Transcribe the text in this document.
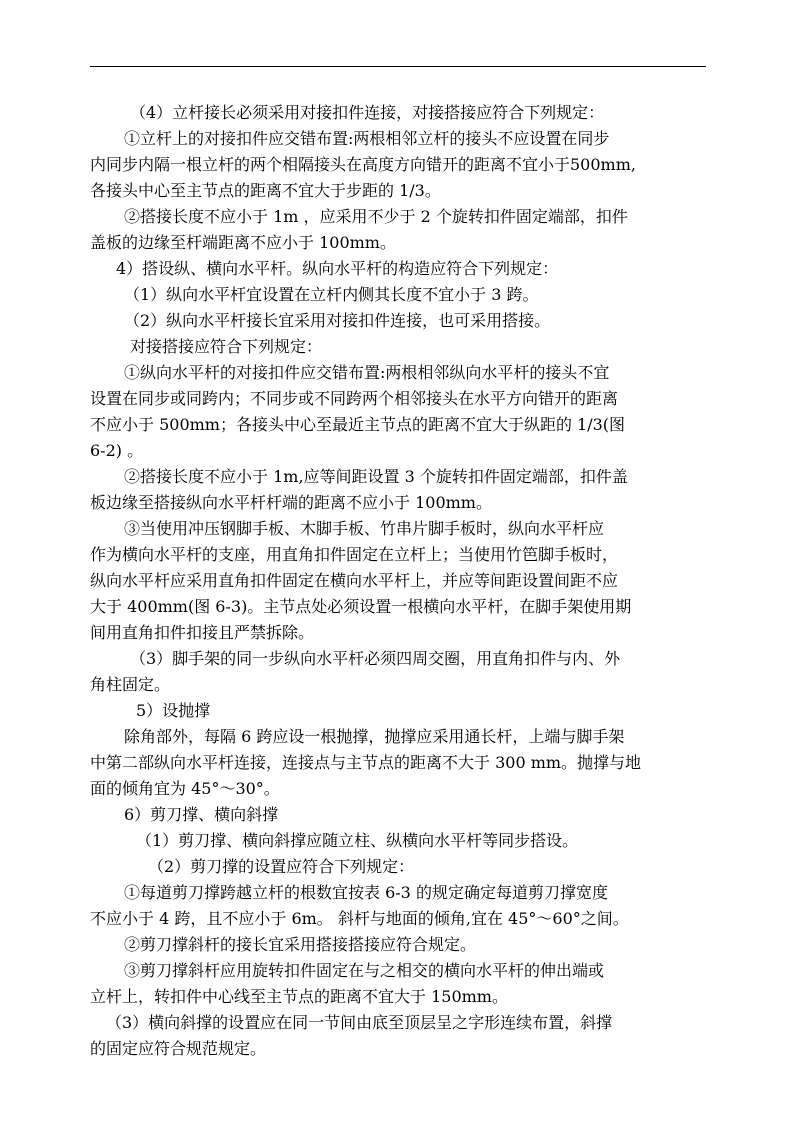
（4）立杆接长必须采用对接扣件连接，对接搭接应符合下列规定：
①立杆上的对接扣件应交错布置:两根相邻立杆的接头不应设置在同步
内同步内隔一根立杆的两个相隔接头在高度方向错开的距离不宜小于500mm,
各接头中心至主节点的距离不宜大于步距的 1/3。
②搭接长度不应小于 1m ，应采用不少于 2 个旋转扣件固定端部，扣件
盖板的边缘至杆端距离不应小于 100mm。
4）搭设纵、横向水平杆。纵向水平杆的构造应符合下列规定：
（1）纵向水平杆宜设置在立杆内侧其长度不宜小于 3 跨。
（2）纵向水平杆接长宜采用对接扣件连接，也可采用搭接。
对接搭接应符合下列规定：
①纵向水平杆的对接扣件应交错布置:两根相邻纵向水平杆的接头不宜
设置在同步或同跨内；不同步或不同跨两个相邻接头在水平方向错开的距离
不应小于 500mm；各接头中心至最近主节点的距离不宜大于纵距的 1/3(图
6-2) 。
②搭接长度不应小于 1m,应等间距设置 3 个旋转扣件固定端部，扣件盖
板边缘至搭接纵向水平杆杆端的距离不应小于 100mm。
③当使用冲压钢脚手板、木脚手板、竹串片脚手板时，纵向水平杆应
作为横向水平杆的支座，用直角扣件固定在立杆上；当使用竹笆脚手板时，
纵向水平杆应采用直角扣件固定在横向水平杆上，并应等间距设置间距不应
大于 400mm(图 6-3)。主节点处必须设置一根横向水平杆，在脚手架使用期
间用直角扣件扣接且严禁拆除。
（3）脚手架的同一步纵向水平杆必须四周交圈，用直角扣件与内、外
角柱固定。
5）设抛撑
除角部外，每隔 6 跨应设一根抛撑，抛撑应采用通长杆，上端与脚手架
中第二部纵向水平杆连接，连接点与主节点的距离不大于 300 mm。抛撑与地
面的倾角宜为 45°～30°。
6）剪刀撑、横向斜撑
（1）剪刀撑、横向斜撑应随立柱、纵横向水平杆等同步搭设。
（2）剪刀撑的设置应符合下列规定：
①每道剪刀撑跨越立杆的根数宜按表 6-3 的规定确定每道剪刀撑宽度
不应小于 4 跨，且不应小于 6m。 斜杆与地面的倾角,宜在 45°～60°之间。
②剪刀撑斜杆的接长宜采用搭接搭接应符合规定。
③剪刀撑斜杆应用旋转扣件固定在与之相交的横向水平杆的伸出端或
立杆上，转扣件中心线至主节点的距离不宜大于 150mm。
（3）横向斜撑的设置应在同一节间由底至顶层呈之字形连续布置，斜撑
的固定应符合规范规定。
